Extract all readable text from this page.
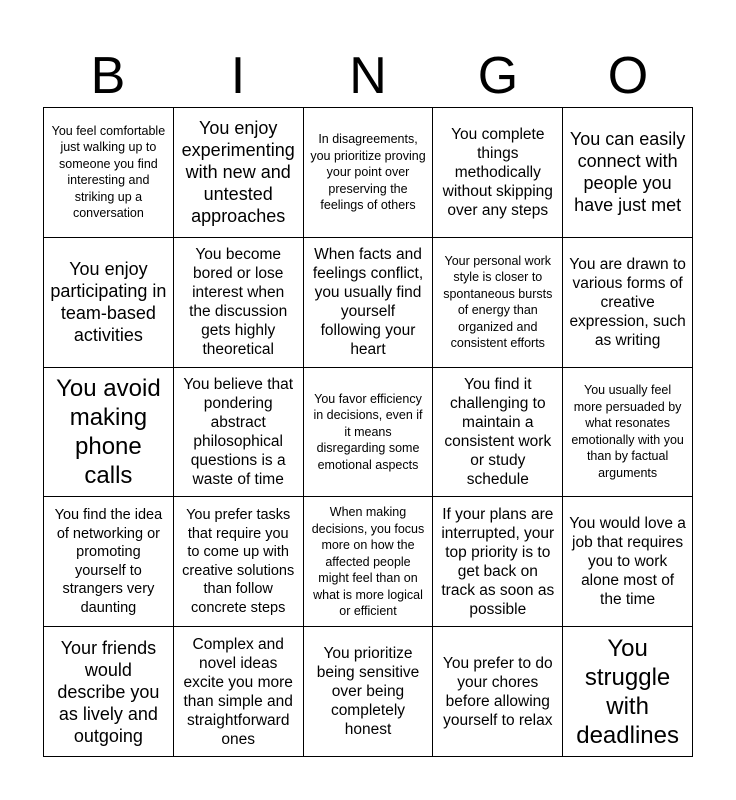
B	I	N	G	O
You feel comfortable just walking up to someone you find interesting and striking up a conversation
You enjoy experimenting with new and untested approaches
In disagreements, you prioritize proving your point over preserving the feelings of others
You complete things methodically without skipping over any steps
You can easily connect with people you have just met
You enjoy participating in team-based activities
You become bored or lose interest when the discussion gets highly theoretical
When facts and feelings conflict, you usually find yourself following your heart
Your personal work style is closer to spontaneous bursts of energy than organized and consistent efforts
You are drawn to various forms of creative expression, such as writing
You avoid making phone calls
You believe that pondering abstract philosophical questions is a waste of time
You favor efficiency in decisions, even if it means disregarding some emotional aspects
You find it challenging to maintain a consistent work or study schedule
You usually feel more persuaded by what resonates emotionally with you than by factual arguments
You find the idea of networking or promoting yourself to strangers very daunting
You prefer tasks that require you to come up with creative solutions than follow concrete steps
When making decisions, you focus more on how the affected people might feel than on what is more logical or efficient
If your plans are interrupted, your top priority is to get back on track as soon as possible
You would love a job that requires you to work alone most of the time
Your friends would describe you as lively and outgoing
Complex and novel ideas excite you more than simple and straightforward ones
You prioritize being sensitive over being completely honest
You prefer to do your chores before allowing yourself to relax
You struggle with deadlines
